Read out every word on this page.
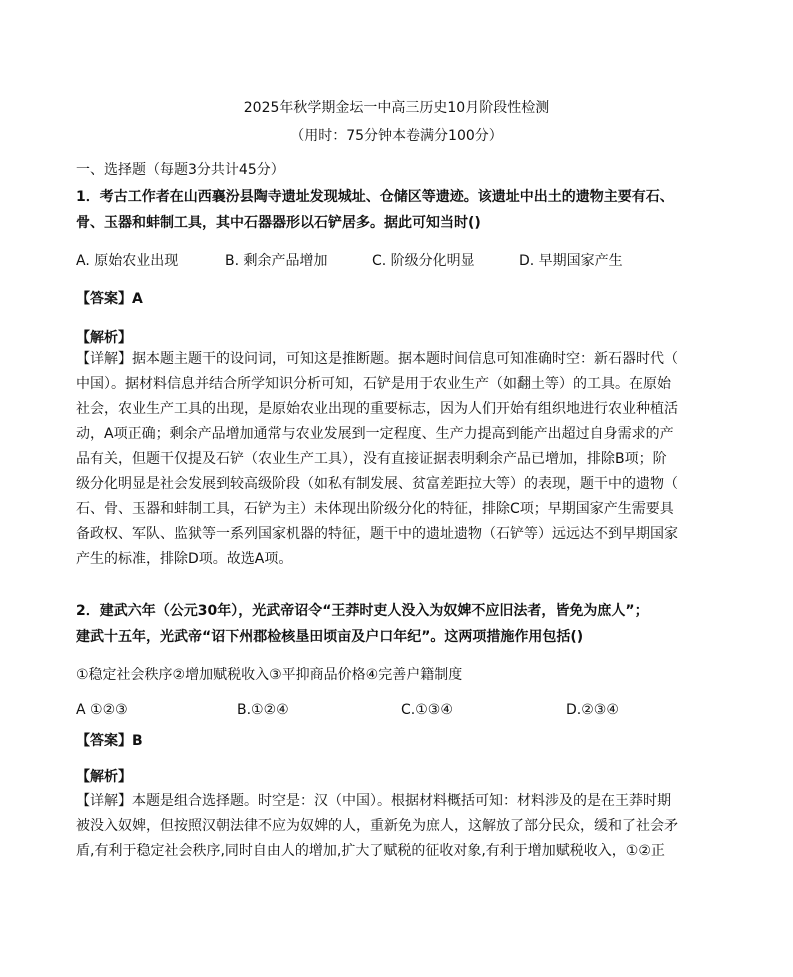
2025年秋学期金坛一中高三历史10月阶段性检测
（用时：75分钟本卷满分100分）
一、选择题（每题3分共计45分）
1．考古工作者在山西襄汾县陶寺遗址发现城址、仓储区等遗迹。该遗址中出土的遗物主要有石、
骨、玉器和蚌制工具，其中石器器形以石铲居多。据此可知当时()
A. 原始农业出现	B. 剩余产品增加	C. 阶级分化明显	D. 早期国家产生
【答案】A
【解析】
【详解】据本题主题干的设问词，可知这是推断题。据本题时间信息可知准确时空：新石器时代（
中国）。据材料信息并结合所学知识分析可知，石铲是用于农业生产（如翻土等）的工具。在原始
社会，农业生产工具的出现，是原始农业出现的重要标志，因为人们开始有组织地进行农业种植活
动，A项正确；剩余产品增加通常与农业发展到一定程度、生产力提高到能产出超过自身需求的产
品有关，但题干仅提及石铲（农业生产工具），没有直接证据表明剩余产品已增加，排除B项；阶
级分化明显是社会发展到较高级阶段（如私有制发展、贫富差距拉大等）的表现，题干中的遗物（
石、骨、玉器和蚌制工具，石铲为主）未体现出阶级分化的特征，排除C项；早期国家产生需要具
备政权、军队、监狱等一系列国家机器的特征，题干中的遗址遗物（石铲等）远远达不到早期国家
产生的标准，排除D项。故选A项。
2．建武六年（公元30年），光武帝诏令“王莽时吏人没入为奴婢不应旧法者，皆免为庶人”；
建武十五年，光武帝“诏下州郡检核垦田顷亩及户口年纪”。这两项措施作用包括()
①稳定社会秩序②增加赋税收入③平抑商品价格④完善户籍制度
A ①②③	B.①②④	C.①③④	D.②③④
【答案】B
【解析】
【详解】本题是组合选择题。时空是：汉（中国）。根据材料概括可知：材料涉及的是在王莽时期
被没入奴婢，但按照汉朝法律不应为奴婢的人，重新免为庶人，这解放了部分民众，缓和了社会矛
盾,有利于稳定社会秩序,同时自由人的增加,扩大了赋税的征收对象,有利于增加赋税收入，①②正
